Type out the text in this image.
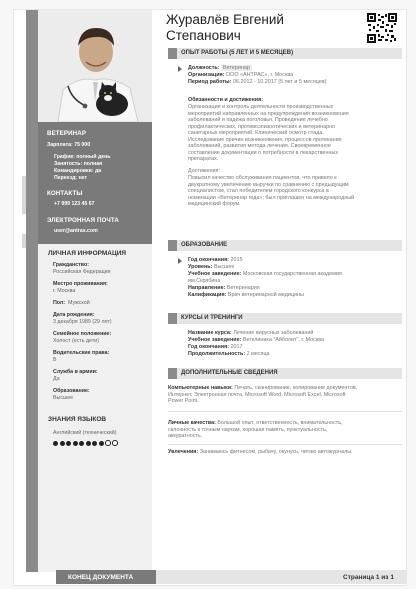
ВЕТЕРИНАР
Зарплата: 75 000
График: полный день
Занятость: полная
Командировки: да
Переезд: нет
КОНТАКТЫ
+7 999 123 45 67
ЭЛЕКТРОННАЯ ПОЧТА
user@antras.com
ЛИЧНАЯ ИНФОРМАЦИЯ
Гражданство:
Российская Федерация
Местро проживания:
г. Москва
Пол: Мужской
Дата рождения:
3 декабря 1989 (29 лет)
Семейное положение:
Холост (есть дети)
Водительские права:
B
Служба в армии:
Да
Образование:
Высшее
ЗНАНИЯ ЯЗЫКОВ
Английский (технический)
Журавлёв Евгений
Степанович
ОПЫТ РАБОТЫ (5 ЛЕТ И 5 МЕСЯЦЕВ)
Должность: Ветеринар
Организация: ООО «АНТРАС», г. Москва
Период работы: 06.2012 - 10.2017 (5 лет и 5 месяцев)
Обязанности и достижения:
Организация и контроль деятельности производственных
мероприятий направленных на предупреждения возникновения
заболеваний и падежа поголовья. Проведение лечебно
профилактических, противоэпизоотических и ветеринарно
санитарных мероприятий. Клинический осмотр стада.
Исследование причин возникновения, процессов протекания
заболеваний, развития метода лечения. Своевременное
составление документации о потребности в лекарственных
препаратах.
Достижения:
Повысил качество обслуживания пациентов, что привело к
двукратному увеличению выручки по сравнению с предыдущим
специалистом, стал победителем городского конкурса в
номинации «Ветеринар года»; был приглашен на международный
медицинский форум.
ОБРАЗОВАНИЕ
Год окончания: 2015
Уровень: Высшее
Учебное заведение: Московская государственная академия
им.Скрябина
Направление: Ветеринария
Калификация: Врач ветеринарной медицины
КУРСЫ И ТРЕНИНГИ
Название курса: Лечение вирусных заболеваний
Учебное заведение: Ветклиника "Айболит", г. Москва
Год окончания: 2017
Продолжительность: 2 месяца
ДОПОЛНИТЕЛЬНЫЕ СВЕДЕНИЯ
Компьютерные навыки: Печать, сканирование, копирование документов,
Интернет, Электронная почта, Microsoft Word, Microsoft Excel, Microsoft
Power Point.
Личные качества: Большой опыт, ответственность, внимательность,
склонность к точным наукам, хорошая память, пунктуальность,
аккуратность.
Увлечения: Занимаюсь фитнесом, рыбачу, окунусь, читаю автожурналы.
КОНЕЦ ДОКУМЕНТА	Страница 1 из 1
